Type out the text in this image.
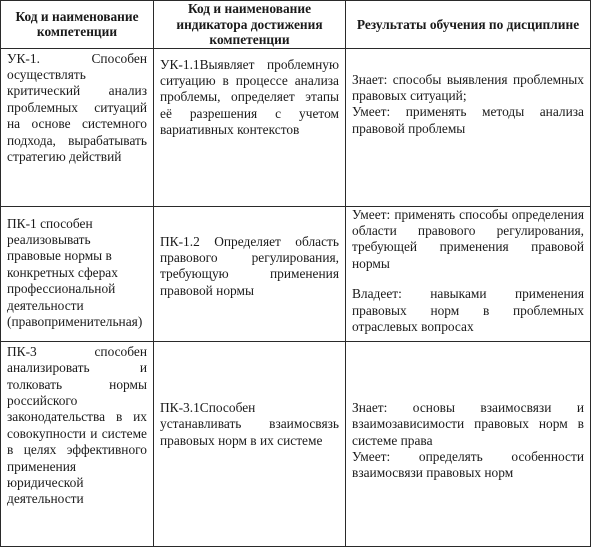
Код и наименование компетенции	Код и наименование индикатора достижения компетенции	Результаты обучения по дисциплине
УК-1. Способен осуществлять критический анализ проблемных ситуаций на основе системного подхода, вырабатывать стратегию действий	УК-1.1Выявляет проблемную ситуацию в процессе анализа проблемы, определяет этапы её разрешения с учетом вариативных контекстов	Знает: способы выявления проблемных правовых ситуаций;
Умеет: применять методы анализа правовой проблемы

ПК-1 способен реализовывать правовые нормы в конкретных сферах профессиональной деятельности (правоприменительная)	ПК-1.2 Определяет область правового регулирования, требующую применения правовой нормы	Умеет: применять способы определения области правового регулирования, требующей применения правовой нормы
Владеет: навыками применения правовых норм в проблемных отраслевых вопросах

ПК-3 способен анализировать и толковать нормы российского законодательства в их совокупности и системе в целях эффективного применения юридической деятельности	ПК-3.1Способен устанавливать взаимосвязь правовых норм в их системе	Знает: основы взаимосвязи и взаимозависимости правовых норм в системе права
Умеет: определять особенности взаимосвязи правовых норм
